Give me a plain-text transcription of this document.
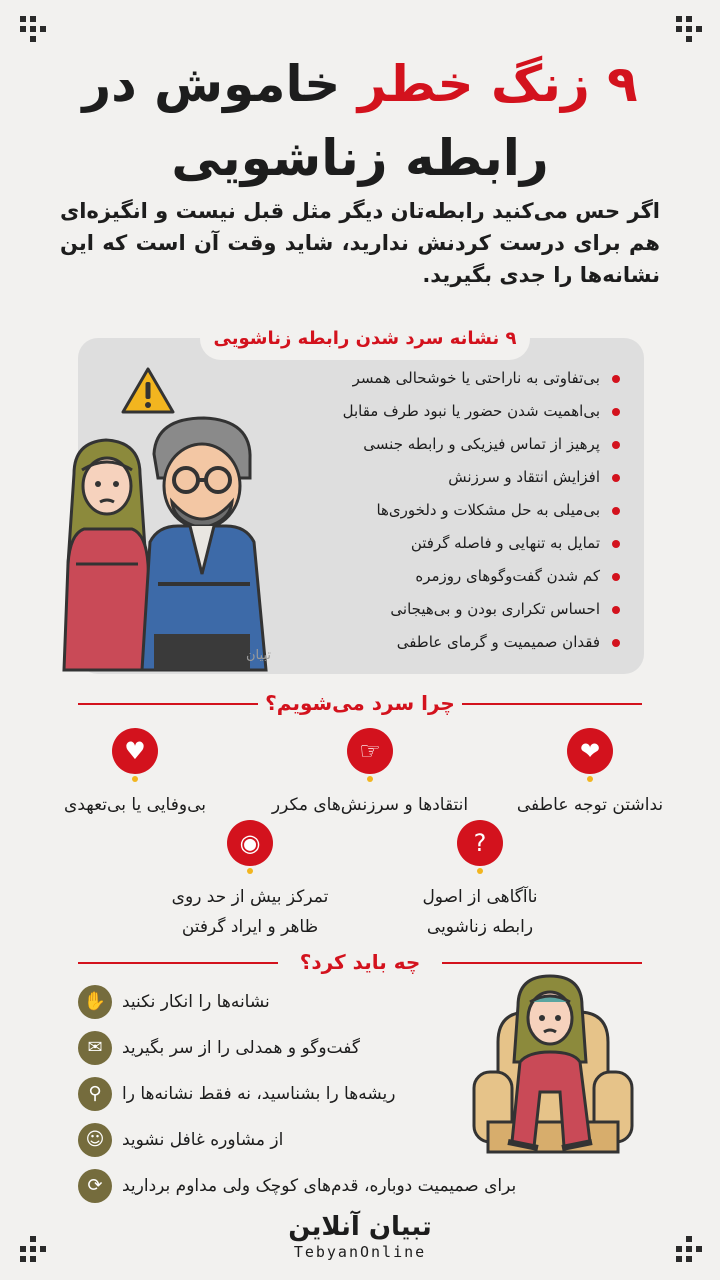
۹ زنگ خطر خاموش در
رابطه زناشویی
اگر حس می‌کنید رابطه‌تان دیگر مثل قبل نیست و انگیزه‌ای هم برای درست کردنش ندارید، شاید وقت آن است که این نشانه‌ها را جدی بگیرید.
تبیان
۹ نشانه سرد شدن رابطه زناشویی
بی‌تفاوتی به ناراحتی یا خوشحالی همسر
بی‌اهمیت شدن حضور یا نبود طرف مقابل
پرهیز از تماس فیزیکی و رابطه جنسی
افزایش انتقاد و سرزنش
بی‌میلی به حل مشکلات و دلخوری‌ها
تمایل به تنهایی و فاصله گرفتن
کم شدن گفت‌وگوهای روزمره
احساس تکراری بودن و بی‌هیجانی
فقدان صمیمیت و گرمای عاطفی
چرا سرد می‌شویم؟
❤
نداشتن توجه عاطفی
☞
انتقادها و سرزنش‌های مکرر
♥
بی‌وفایی یا بی‌تعهدی
?
ناآگاهی از اصول
رابطه زناشویی
◉
تمرکز بیش از حد روی
ظاهر و ایراد گرفتن
چه باید کرد؟
✋ نشانه‌ها را انکار نکنید
✉	گفت‌وگو و همدلی را از سر بگیرید
⚲	ریشه‌ها را بشناسید، نه فقط نشانه‌ها را
☺	از مشاوره غافل نشوید
⟳	برای صمیمیت دوباره، قدم‌های کوچک ولی مداوم بردارید
تبیان آنلاین
TebyanOnline
